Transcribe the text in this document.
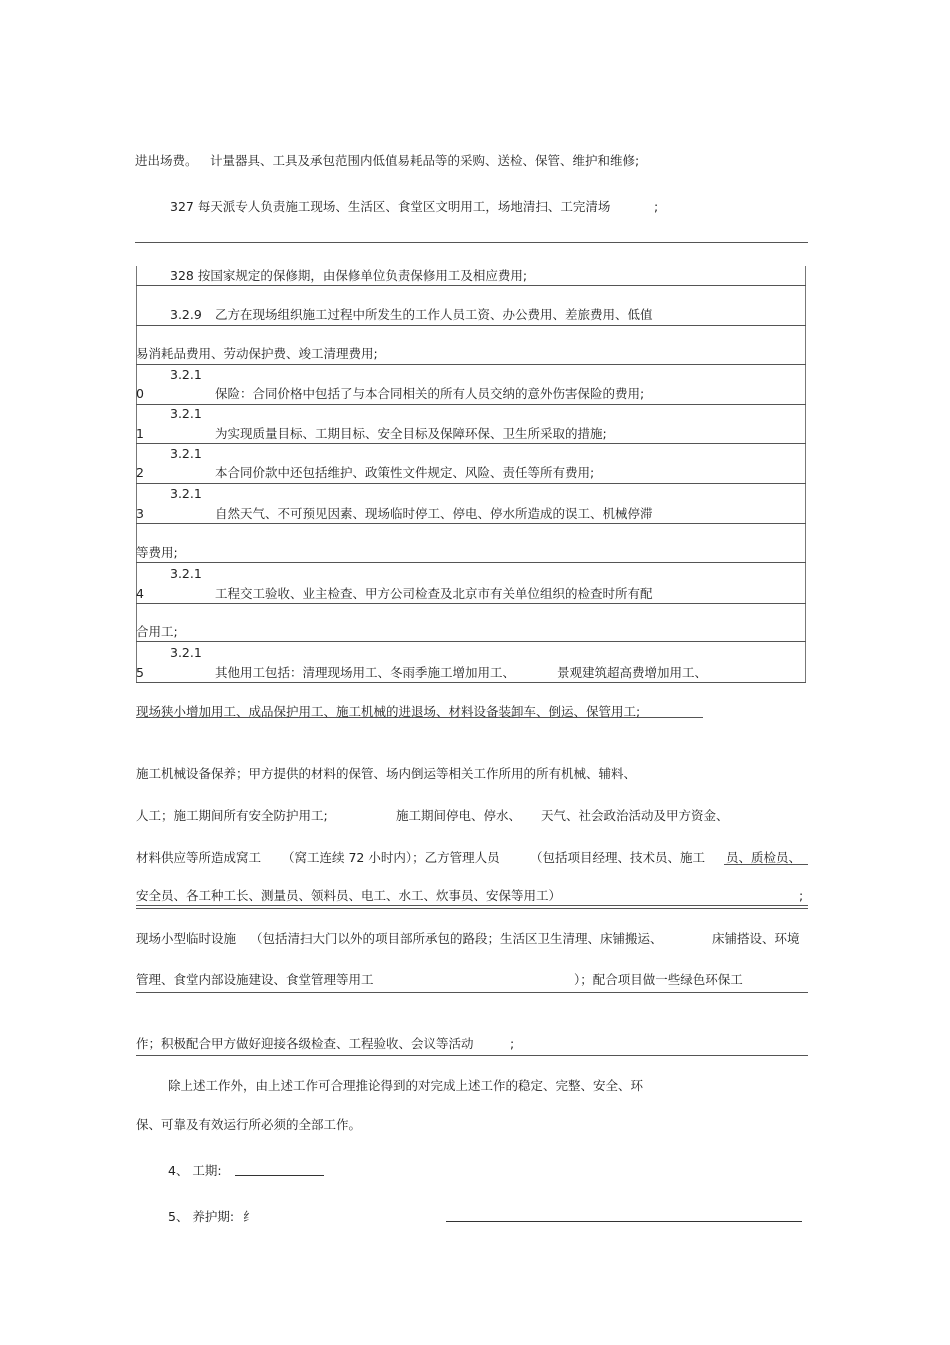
进出场费。 计量器具、工具及承包范围内低值易耗品等的采购、送检、保管、维护和维修;
327 每天派专人负责施工现场、生活区、食堂区文明用工，场地清扫、工完清场	;
328 按国家规定的保修期，由保修单位负责保修用工及相应费用;
3.2.9 乙方在现场组织施工过程中所发生的工作人员工资、办公费用、差旅费用、低值
易消耗品费用、劳动保护费、竣工清理费用;
3.2.1
0	保险：合同价格中包括了与本合同相关的所有人员交纳的意外伤害保险的费用;
3.2.1
1	为实现质量目标、工期目标、安全目标及保障环保、卫生所采取的措施;
3.2.1
2	本合同价款中还包括维护、政策性文件规定、风险、责任等所有费用;
3.2.1
3	自然天气、不可预见因素、现场临时停工、停电、停水所造成的误工、机械停滞
等费用;
3.2.1
4	工程交工验收、业主检查、甲方公司检查及北京市有关单位组织的检查时所有配
合用工;
3.2.1
5	其他用工包括：清理现场用工、冬雨季施工增加用工、	景观建筑超高费增加用工、
现场狭小增加用工、成品保护用工、施工机械的进退场、材料设备装卸车、倒运、保管用工;
施工机械设备保养；甲方提供的材料的保管、场内倒运等相关工作所用的所有机械、辅料、
人工；施工期间所有安全防护用工;	施工期间停电、停水、 天气、社会政治活动及甲方资金、
材料供应等所造成窝工 （窝工连续 72 小时内）；乙方管理人员 （包括项目经理、技术员、施工 员、质检员、
安全员、各工种工长、测量员、领料员、电工、水工、炊事员、安保等用工）	;
现场小型临时设施 （包括清扫大门以外的项目部所承包的路段；生活区卫生清理、床铺搬运、	床铺搭设、环境
管理、食堂内部设施建设、食堂管理等用工	）；配合项目做一些绿色环保工
作；积极配合甲方做好迎接各级检查、工程验收、会议等活动	;
除上述工作外，由上述工作可合理推论得到的对完成上述工作的稳定、完整、安全、环
保、可靠及有效运行所必须的全部工作。
4、 工期:
5、 养护期: 纟
